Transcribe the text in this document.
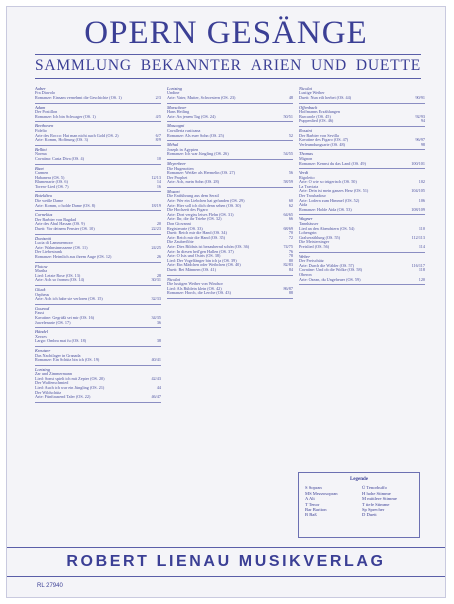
OPERN GESÄNGE
SAMMLUNG BEKANNTER ARIEN UND DUETTE
Auber
Fra Diavolo
Romanze: Einsam vernehmt die Geschichte (OS. 1)	2/3
Adam
Der Postillon
Romanze: Ich bin Schwager (OS. 1)	4/5
Beethoven
Fidelio
Arie des Rocco: Hat man nicht auch Gold (OS. 2)	6/7
Arie: Komm, Hoffnung (OS. 3)	8/9
Bellini
Norma
Cavatina: Casta Diva (OS. 4)	10
Bizet
Carmen
Habanera (OS. 5)	12/13
Blumenarie (OS. 6)	14
Torero-Lied (OS. 7)	16
Boieldieu
Die weiße Dame
Arie: Komm, o holde Dame (OS. 8)	18/19
Cornelius
Der Barbier von Bagdad
Arie des Abul Hassan (OS. 9)	20
Duett: Vor deinem Fenster (OS. 10)	22/23
Donizetti
Lucia di Lammermoor
Arie: Wahnsinnsszene (OS. 11)	24/25
Der Liebestrank
Romanze: Heimlich aus ihrem Auge (OS. 12)	26
Flotow
Martha
Lied: Letzte Rose (OS. 13)	28
Arie: Ach so fromm (OS. 14)	30/31
Gluck
Orpheus
Arie: Ach ich habe sie verloren (OS. 15)	32/33
Gounod
Faust
Kavatine: Gegrüßt sei mir (OS. 16)	34/35
Juwelenarie (OS. 17)	36
Händel
Xerxes
Largo: Ombra mai fu (OS. 18)	38
Kreutzer
Das Nachtlager in Granada
Romanze: Ein Schütz bin ich (OS. 19)	40/41
Lortzing
Zar und Zimmermann
Lied: Sonst spielt ich mit Zepter (OS. 20)	42/43
Der Waffenschmied
Lied: Auch ich war ein Jüngling (OS. 21)	44
Der Wildschütz
Arie: Fünftausend Taler (OS. 22)	46/47
Lortzing
Undine
Arie: Vater, Mutter, Schwestern (OS. 23)	48
Marschner
Hans Heiling
Arie: An jenem Tag (OS. 24)	50/51
Mascagni
Cavalleria rusticana
Romanze: Als euer Sohn (OS. 25)	52
Méhul
Joseph in Ägypten
Romanze: Ich war Jüngling (OS. 26)	54/55
Meyerbeer
Die Hugenotten
Romanze: Weißer als Hermelin (OS. 27)	56
Der Prophet
Arie: Ach, mein Sohn (OS. 28)	58/59
Mozart
Die Entführung aus dem Serail
Arie: Wer ein Liebchen hat gefunden (OS. 29)	60
Arie: Hier soll ich dich denn sehen (OS. 30)	62
Die Hochzeit des Figaro
Arie: Dort vergiss leises Flehn (OS. 31)	64/65
Arie: Ihr, die ihr Triebe (OS. 32)	66
Don Giovanni
Registerarie (OS. 33)	68/69
Duett: Reich mir die Hand (OS. 34)	70
Arie: Reich mir die Hand (OS. 35)	72
Die Zauberflöte
Arie: Dies Bildnis ist bezaubernd schön (OS. 36)	74/75
Arie: In diesen heil'gen Hallen (OS. 37)	76
Arie: O Isis und Osiris (OS. 38)	78
Lied: Der Vogelfänger bin ich ja (OS. 39)	80
Arie: Ein Mädchen oder Weibchen (OS. 40)	82/83
Duett: Bei Männern (OS. 41)	84
Nicolai
Die lustigen Weiber von Windsor
Lied: Als Büblein klein (OS. 42)	86/87
Romanze: Horch, die Lerche (OS. 43)	88
Nicolai
Lustige Weiber
Duett: Nun eilt herbei (OS. 44)	90/91
Offenbach
Hoffmanns Erzählungen
Barcarole (OS. 45)	92/93
Puppenlied (OS. 46)	94
Rossini
Der Barbier von Sevilla
Kavatine des Figaro (OS. 47)	96/97
Verleumdungsarie (OS. 48)	98
Thomas
Mignon
Romanze: Kennst du das Land (OS. 49)	100/101
Verdi
Rigoletto
Arie: O wie so trügerisch (OS. 50)	102
La Traviata
Arie: Dein ist mein ganzes Herz (OS. 51)	104/105
Der Troubadour
Arie: Lodern zum Himmel (OS. 52)	106
Aida
Romanze: Holde Aida (OS. 53)	108/109
Wagner
Tannhäuser
Lied an den Abendstern (OS. 54)	110
Lohengrin
Gralserzählung (OS. 55)	112/113
Die Meistersinger
Preislied (OS. 56)	114
Weber
Der Freischütz
Arie: Durch die Wälder (OS. 57)	116/117
Cavatine: Und ob die Wolke (OS. 58)	118
Oberon
Arie: Ozean, du Ungeheuer (OS. 59)	120
Legende
S Sopran
MS Mezzosopran
A Alt
T Tenor
Bar Bariton
B Baß
Ü Tenorbuffo
H hohe Stimme
M mittlere Stimme
T tiefe Stimme
Sp Sprecher
D Duett
ROBERT LIENAU MUSIKVERLAG
RL 27940
